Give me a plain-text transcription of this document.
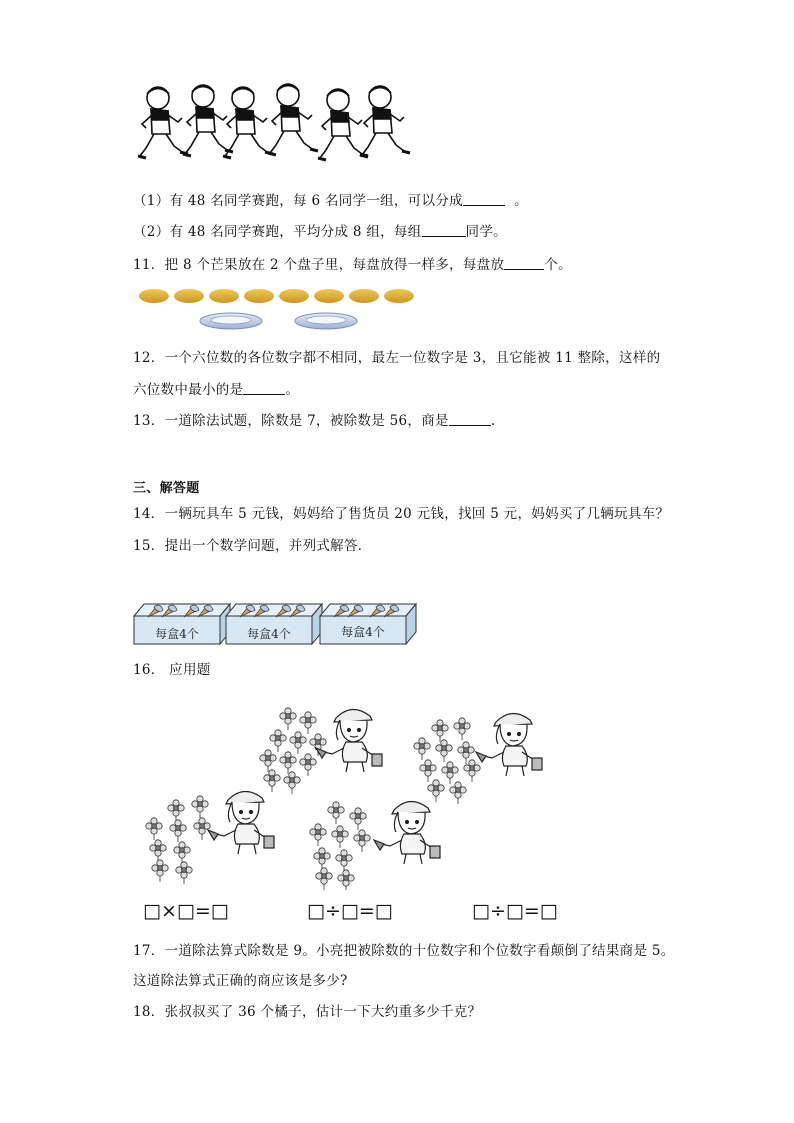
（1）有 48 名同学赛跑，每 6 名同学一组，可以分成	。
（2）有 48 名同学赛跑，平均分成 8 组，每组	同学。
11．把 8 个芒果放在 2 个盘子里，每盘放得一样多，每盘放	个。
12．一个六位数的各位数字都不相同，最左一位数字是 3，且它能被 11 整除，这样的
六位数中最小的是	。
13．一道除法试题，除数是 7，被除数是 56，商是	.
三、解答题
14．一辆玩具车 5 元钱，妈妈给了售货员 20 元钱，找回 5 元，妈妈买了几辆玩具车？
15．提出一个数学问题，并列式解答．
每盒4个	每盒4个	每盒4个
16． 应用题
□×□=□	□÷□=□	□÷□=□
17．一道除法算式除数是 9。小亮把被除数的十位数字和个位数字看颠倒了结果商是 5。
这道除法算式正确的商应该是多少?
18．张叔叔买了 36 个橘子，估计一下大约重多少千克？
